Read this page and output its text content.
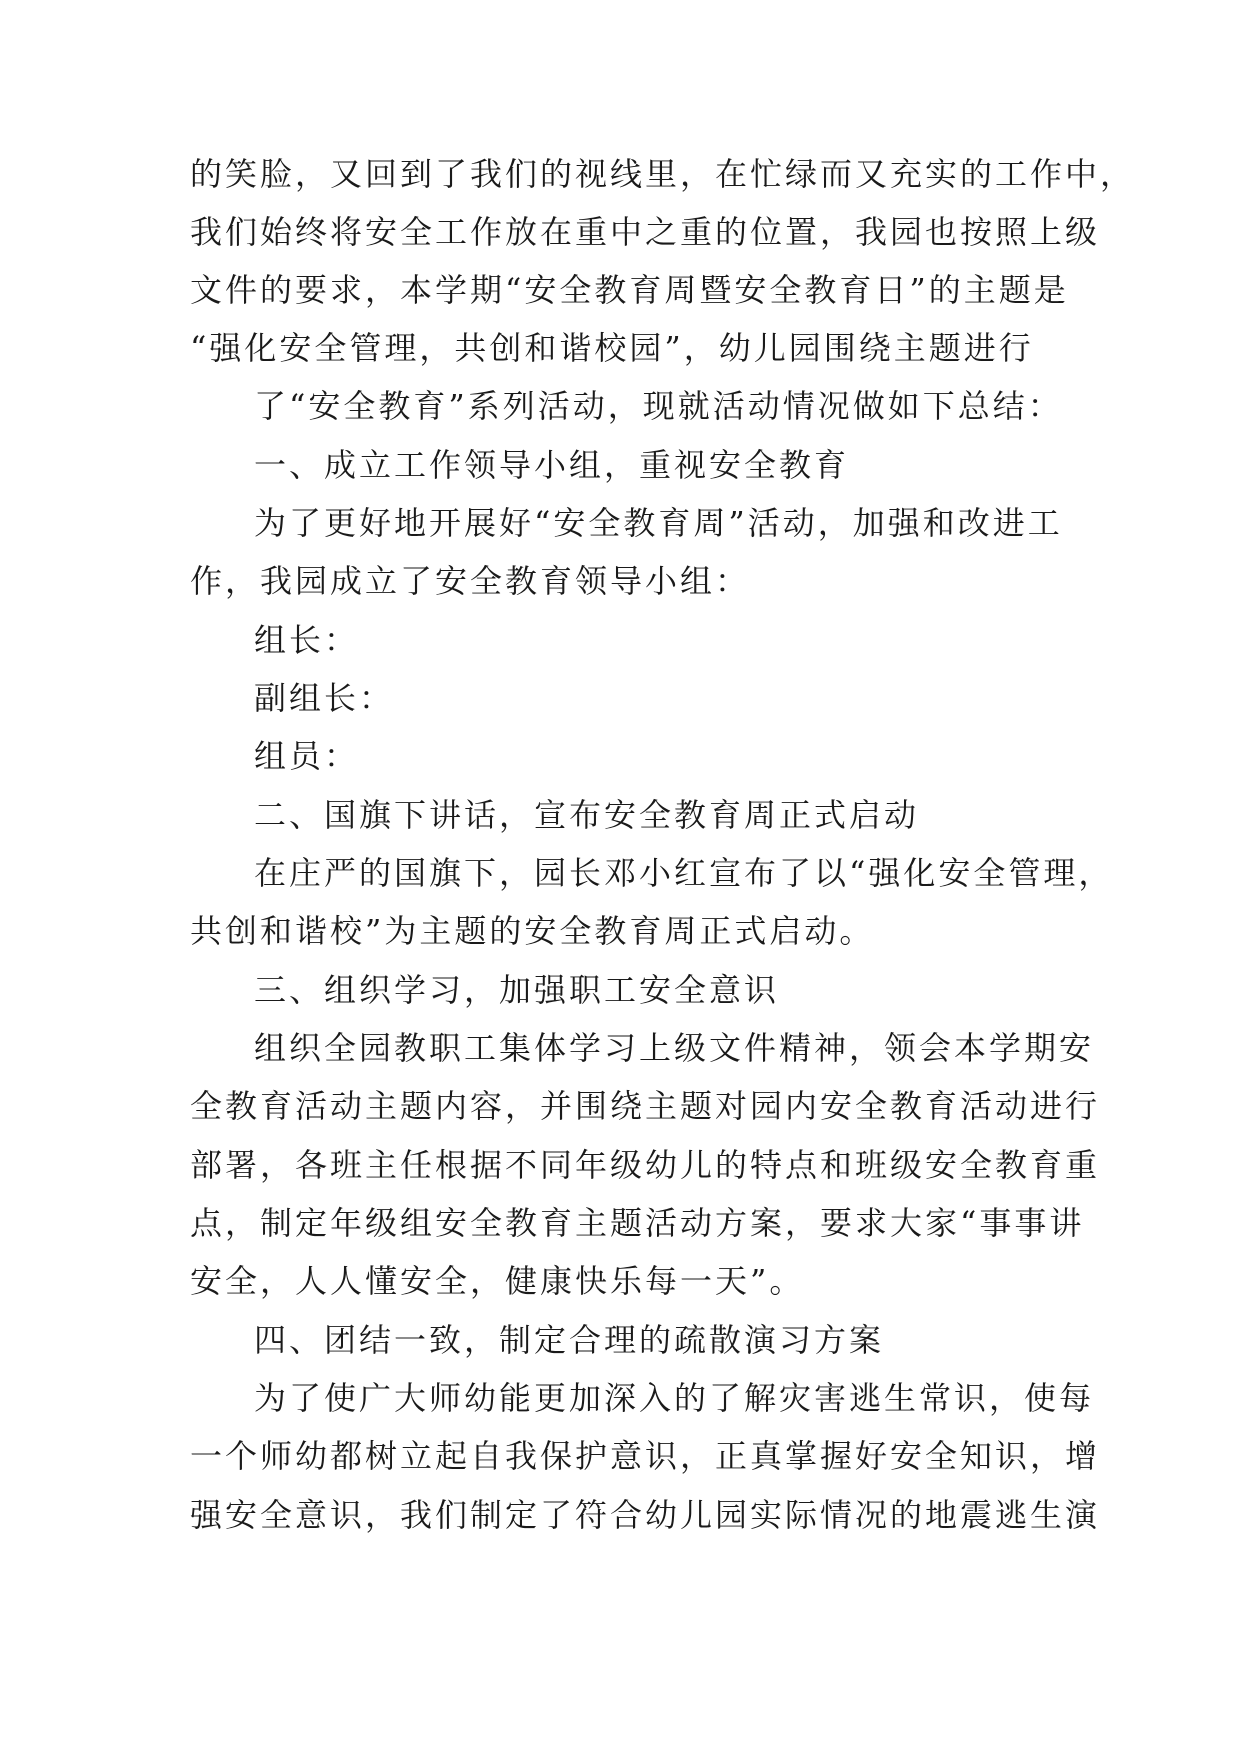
的笑脸，又回到了我们的视线里，在忙绿而又充实的工作中，
我们始终将安全工作放在重中之重的位置，我园也按照上级
文件的要求，本学期“安全教育周暨安全教育日”的主题是
“强化安全管理，共创和谐校园”，幼儿园围绕主题进行
了“安全教育”系列活动，现就活动情况做如下总结：
一、成立工作领导小组，重视安全教育
为了更好地开展好“安全教育周”活动，加强和改进工
作，我园成立了安全教育领导小组：
组长：
副组长：
组员：
二、国旗下讲话，宣布安全教育周正式启动
在庄严的国旗下，园长邓小红宣布了以“强化安全管理，
共创和谐校”为主题的安全教育周正式启动。
三、组织学习，加强职工安全意识
组织全园教职工集体学习上级文件精神，领会本学期安
全教育活动主题内容，并围绕主题对园内安全教育活动进行
部署，各班主任根据不同年级幼儿的特点和班级安全教育重
点，制定年级组安全教育主题活动方案，要求大家“事事讲
安全，人人懂安全，健康快乐每一天”。
四、团结一致，制定合理的疏散演习方案
为了使广大师幼能更加深入的了解灾害逃生常识，使每
一个师幼都树立起自我保护意识，正真掌握好安全知识，增
强安全意识，我们制定了符合幼儿园实际情况的地震逃生演
